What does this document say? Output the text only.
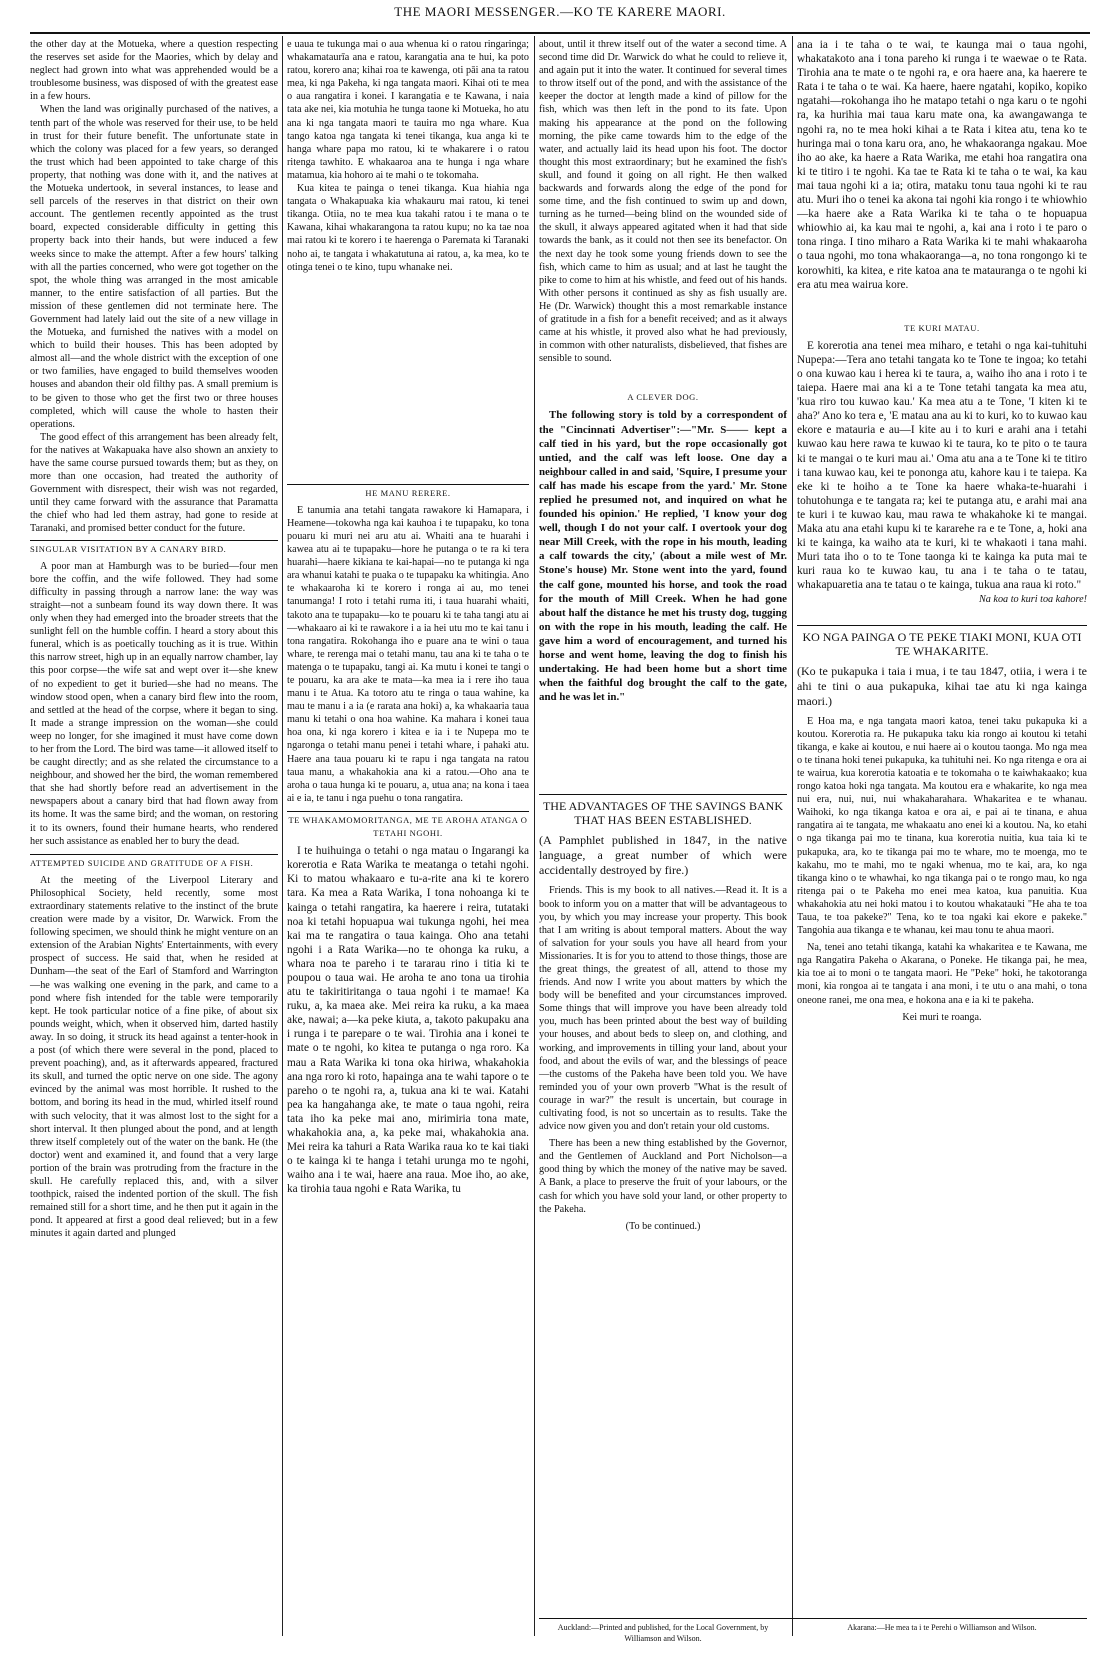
THE MAORI MESSENGER.—KO TE KARERE MAORI.

the other day at the Motueka, where a question respecting the reserves set aside for the Maories, which by delay and neglect had grown into what was apprehended would be a troublesome business, was disposed of with the greatest ease in a few hours.

When the land was originally purchased of the natives, a tenth part of the whole was reserved for their use, to be held in trust for their future benefit. The unfortunate state in which the colony was placed for a few years, so deranged the trust which had been appointed to take charge of this property, that nothing was done with it, and the natives at the Motueka undertook, in several instances, to lease and sell parcels of the reserves in that district on their own account. The gentlemen recently appointed as the trust board, expected considerable difficulty in getting this property back into their hands, but were induced a few weeks since to make the attempt. After a few hours' talking with all the parties concerned, who were got together on the spot, the whole thing was arranged in the most amicable manner, to the entire satisfaction of all parties. But the mission of these gentlemen did not terminate here. The Government had lately laid out the site of a new village in the Motueka, and furnished the natives with a model on which to build their houses. This has been adopted by almost all—and the whole district with the exception of one or two families, have engaged to build themselves wooden houses and abandon their old filthy pas. A small premium is to be given to those who get the first two or three houses completed, which will cause the whole to hasten their operations.

The good effect of this arrangement has been already felt, for the natives at Wakapuaka have also shown an anxiety to have the same course pursued towards them; but as they, on more than one occasion, had treated the authority of Government with disrespect, their wish was not regarded, until they came forward with the assurance that Paramatta the chief who had led them astray, had gone to reside at Taranaki, and promised better conduct for the future.

SINGULAR VISITATION BY A CANARY BIRD.

A poor man at Hamburgh was to be buried—four men bore the coffin, and the wife followed. They had some difficulty in passing through a narrow lane: the way was straight—not a sunbeam found its way down there. It was only when they had emerged into the broader streets that the sunlight fell on the humble coffin. I heard a story about this funeral, which is as poetically touching as it is true. Within this narrow street, high up in an equally narrow chamber, lay this poor corpse—the wife sat and wept over it—she knew of no expedient to get it buried—she had no means. The window stood open, when a canary bird flew into the room, and settled at the head of the corpse, where it began to sing. It made a strange impression on the woman—she could weep no longer, for she imagined it must have come down to her from the Lord. The bird was tame—it allowed itself to be caught directly; and as she related the circumstance to a neighbour, and showed her the bird, the woman remembered that she had shortly before read an advertisement in the newspapers about a canary bird that had flown away from its home. It was the same bird; and the woman, on restoring it to its owners, found their humane hearts, who rendered her such assistance as enabled her to bury the dead.

ATTEMPTED SUICIDE AND GRATITUDE OF A FISH.

At the meeting of the Liverpool Literary and Philosophical Society, held recently, some most extraordinary statements relative to the instinct of the brute creation were made by a visitor, Dr. Warwick. From the following specimen, we should think he might venture on an extension of the Arabian Nights' Entertainments, with every prospect of success. He said that, when he resided at Dunham—the seat of the Earl of Stamford and Warrington—he was walking one evening in the park, and came to a pond where fish intended for the table were temporarily kept. He took particular notice of a fine pike, of about six pounds weight, which, when it observed him, darted hastily away. In so doing, it struck its head against a tenter-hook in a post (of which there were several in the pond, placed to prevent poaching), and, as it afterwards appeared, fractured its skull, and turned the optic nerve on one side. The agony evinced by the animal was most horrible. It rushed to the bottom, and boring its head in the mud, whirled itself round with such velocity, that it was almost lost to the sight for a short interval. It then plunged about the pond, and at length threw itself completely out of the water on the bank. He (the doctor) went and examined it, and found that a very large portion of the brain was protruding from the fracture in the skull. He carefully replaced this, and, with a silver toothpick, raised the indented portion of the skull. The fish remained still for a short time, and he then put it again in the pond. It appeared at first a good deal relieved; but in a few minutes it again darted and plunged

e uaua te tukunga mai o aua whenua ki o ratou ringaringa; whakamataurīa ana e ratou, karangatia ana te hui, ka poto ratou, korero ana; kihai roa te kawenga, oti pāi ana ta ratou mea, ki nga Pakeha, ki nga tangata maori. Kihai oti te mea o aua rangatira i konei. I karangatia e te Kawana, i naia tata ake nei, kia motuhia he tunga taone ki Motueka, ho atu ana ki nga tangata maori te tauira mo nga whare. Kua tango katoa nga tangata ki tenei tikanga, kua anga ki te hanga whare papa mo ratou, ki te whakarere i o ratou ritenga tawhito. E whakaaroa ana te hunga i nga whare matamua, kia hohoro ai te mahi o te tokomaha.

Kua kitea te painga o tenei tikanga. Kua hiahia nga tangata o Whakapuaka kia whakauru mai ratou, ki tenei tikanga. Otiia, no te mea kua takahi ratou i te mana o te Kawana, kihai whakarangona ta ratou kupu; no ka tae noa mai ratou ki te korero i te haerenga o Paremata ki Taranaki noho ai, te tangata i whakatutuna ai ratou, a, ka mea, ko te otinga tenei o te kino, tupu whanake nei.

HE MANU RERERE.

E tanumia ana tetahi tangata rawakore ki Hamapara, i Heamene—tokowha nga kai kauhoa i te tupapaku, ko tona pouaru ki muri nei aru atu ai. Whaiti ana te huarahi i kawea atu ai te tupapaku—hore he putanga o te ra ki tera huarahi—haere kikiana te kai-hapai—no te putanga ki nga ara whanui katahi te puaka o te tupapaku ka whitingia. Ano te whakaaroha ki te korero i ronga ai au, mo tenei tanumanga! I roto i tetahi ruma iti, i taua huarahi whaiti, takoto ana te tupapaku—ko te pouaru ki te taha tangi atu ai—whakaaro ai ki te rawakore i a ia hei utu mo te kai tanu i tona rangatira. Rokohanga iho e puare ana te wini o taua whare, te rerenga mai o tetahi manu, tau ana ki te taha o te matenga o te tupapaku, tangi ai. Ka mutu i konei te tangi o te pouaru, ka ara ake te mata—ka mea ia i rere iho taua manu i te Atua. Ka totoro atu te ringa o taua wahine, ka mau te manu i a ia (e rarata ana hoki) a, ka whakaaria taua manu ki tetahi o ona hoa wahine. Ka mahara i konei taua hoa ona, ki nga korero i kitea e ia i te Nupepa mo te ngaronga o tetahi manu penei i tetahi whare, i pahaki atu. Haere ana taua pouaru ki te rapu i nga tangata na ratou taua manu, a whakahokia ana ki a ratou.—Oho ana te aroha o taua hunga ki te pouaru, a, utua ana; na kona i taea ai e ia, te tanu i nga puehu o tona rangatira.

TE WHAKAMOMORITANGA, ME TE AROHA ATANGA O TETAHI NGOHI.

I te huihuinga o tetahi o nga matau o Ingarangi ka korerotia e Rata Warika te meatanga o tetahi ngohi. Ki to matou whakaaro e tu-a-rite ana ki te korero tara. Ka mea a Rata Warika, I tona nohoanga ki te kainga o tetahi rangatira, ka haerere i reira, tutataki noa ki tetahi hopuapua wai tukunga ngohi, hei mea kai ma te rangatira o taua kainga. Oho ana tetahi ngohi i a Rata Warika—no te ohonga ka ruku, a whara noa te pareho i te tararau rino i titia ki te poupou o taua wai. He aroha te ano tona ua tirohia atu te takiritiritanga o taua ngohi i te mamae! Ka ruku, a, ka maea ake. Mei reira ka ruku, a ka maea ake, nawai; a—ka peke kiuta, a, takoto pakupaku ana i runga i te parepare o te wai. Tirohia ana i konei te mate o te ngohi, ko kitea te putanga o nga roro. Ka mau a Rata Warika ki tona oka hiriwa, whakahokia ana nga roro ki roto, hapainga ana te wahi tapore o te pareho o te ngohi ra, a, tukua ana ki te wai. Katahi pea ka hangahanga ake, te mate o taua ngohi, reira tata iho ka peke mai ano, mirimiria tona mate, whakahokia ana, a, ka peke mai, whakahokia ana. Mei reira ka tahuri a Rata Warika raua ko te kai tiaki o te kainga ki te hanga i tetahi urunga mo te ngohi, waiho ana i te wai, haere ana raua. Moe iho, ao ake, ka tirohia taua ngohi e Rata Warika, tu

about, until it threw itself out of the water a second time. A second time did Dr. Warwick do what he could to relieve it, and again put it into the water. It continued for several times to throw itself out of the pond, and with the assistance of the keeper the doctor at length made a kind of pillow for the fish, which was then left in the pond to its fate. Upon making his appearance at the pond on the following morning, the pike came towards him to the edge of the water, and actually laid its head upon his foot. The doctor thought this most extraordinary; but he examined the fish's skull, and found it going on all right. He then walked backwards and forwards along the edge of the pond for some time, and the fish continued to swim up and down, turning as he turned—being blind on the wounded side of the skull, it always appeared agitated when it had that side towards the bank, as it could not then see its benefactor. On the next day he took some young friends down to see the fish, which came to him as usual; and at last he taught the pike to come to him at his whistle, and feed out of his hands. With other persons it continued as shy as fish usually are. He (Dr. Warwick) thought this a most remarkable instance of gratitude in a fish for a benefit received; and as it always came at his whistle, it proved also what he had previously, in common with other naturalists, disbelieved, that fishes are sensible to sound.

A CLEVER DOG.

The following story is told by a correspondent of the "Cincinnati Advertiser":—"Mr. S—— kept a calf tied in his yard, but the rope occasionally got untied, and the calf was left loose. One day a neighbour called in and said, 'Squire, I presume your calf has made his escape from the yard.' Mr. Stone replied he presumed not, and inquired on what he founded his opinion.' He replied, 'I know your dog well, though I do not your calf. I overtook your dog near Mill Creek, with the rope in his mouth, leading a calf towards the city,' (about a mile west of Mr. Stone's house) Mr. Stone went into the yard, found the calf gone, mounted his horse, and took the road for the mouth of Mill Creek. When he had gone about half the distance he met his trusty dog, tugging on with the rope in his mouth, leading the calf. He gave him a word of encouragement, and turned his horse and went home, leaving the dog to finish his undertaking. He had been home but a short time when the faithful dog brought the calf to the gate, and he was let in."

THE ADVANTAGES OF THE SAVINGS BANK THAT HAS BEEN ESTABLISHED.
(A Pamphlet published in 1847, in the native language, a great number of which were accidentally destroyed by fire.)

Friends. This is my book to all natives.—Read it. It is a book to inform you on a matter that will be advantageous to you, by which you may increase your property. This book that I am writing is about temporal matters. About the way of salvation for your souls you have all heard from your Missionaries. It is for you to attend to those things, those are the great things, the greatest of all, attend to those my friends. And now I write you about matters by which the body will be benefited and your circumstances improved. Some things that will improve you have been already told you, much has been printed about the best way of building your houses, and about beds to sleep on, and clothing, and working, and improvements in tilling your land, about your food, and about the evils of war, and the blessings of peace—the customs of the Pakeha have been told you. We have reminded you of your own proverb "What is the result of courage in war?" the result is uncertain, but courage in cultivating food, is not so uncertain as to results. Take the advice now given you and don't retain your old customs.

There has been a new thing established by the Governor, and the Gentlemen of Auckland and Port Nicholson—a good thing by which the money of the native may be saved. A Bank, a place to preserve the fruit of your labours, or the cash for which you have sold your land, or other property to the Pakeha.

(To be continued.)

ana ia i te taha o te wai, te kaunga mai o taua ngohi, whakatakoto ana i tona pareho ki runga i te waewae o te Rata. Tirohia ana te mate o te ngohi ra, e ora haere ana, ka haerere te Rata i te taha o te wai. Ka haere, haere ngatahi, kopiko, kopiko ngatahi—rokohanga iho he matapo tetahi o nga karu o te ngohi ra, ka hurihia mai taua karu mate ona, ka awangawanga te ngohi ra, no te mea hoki kihai a te Rata i kitea atu, tena ko te huringa mai o tona karu ora, ano, he whakaoranga ngakau. Moe iho ao ake, ka haere a Rata Warika, me etahi hoa rangatira ona ki te titiro i te ngohi. Ka tae te Rata ki te taha o te wai, ka kau mai taua ngohi ki a ia; otira, mataku tonu taua ngohi ki te rau atu. Muri iho o tenei ka akona tai ngohi kia rongo i te whiowhio—ka haere ake a Rata Warika ki te taha o te hopuapua whiowhio ai, ka kau mai te ngohi, a, kai ana i roto i te paro o tona ringa. I tino miharo a Rata Warika ki te mahi whakaaroha o taua ngohi, mo tona whakaoranga—a, no tona rongongo ki te korowhiti, ka kitea, e rite katoa ana te matauranga o te ngohi ki era atu mea wairua kore.

TE KURI MATAU.

E korerotia ana tenei mea miharo, e tetahi o nga kai-tuhituhi Nupepa:—Tera ano tetahi tangata ko te Tone te ingoa; ko tetahi o ona kuwao kau i herea ki te taura, a, waiho iho ana i roto i te taiepa. Haere mai ana ki a te Tone tetahi tangata ka mea atu, 'kua riro tou kuwao kau.' Ka mea atu a te Tone, 'I kiten ki te aha?' Ano ko tera e, 'E matau ana au ki to kuri, ko to kuwao kau ekore e matauria e au—I kite au i to kuri e arahi ana i tetahi kuwao kau here rawa te kuwao ki te taura, ko te pito o te taura ki te mangai o te kuri mau ai.' Oma atu ana a te Tone ki te titiro i tana kuwao kau, kei te pononga atu, kahore kau i te taiepa. Ka eke ki te hoiho a te Tone ka haere whaka-te-huarahi i tohutohunga e te tangata ra; kei te putanga atu, e arahi mai ana te kuri i te kuwao kau, mau rawa te whakahoke ki te mangai. Maka atu ana etahi kupu ki te kararehe ra e te Tone, a, hoki ana ki te kainga, ka waiho ata te kuri, ki te whakaoti i tana mahi. Muri tata iho o to te Tone taonga ki te kainga ka puta mai te kuri raua ko te kuwao kau, tu ana i te taha o te tatau, whakapuaretia ana te tatau o te kainga, tukua ana raua ki roto."

Na koa to kuri toa kahore!
KO NGA PAINGA O TE PEKE TIAKI MONI, KUA OTI TE WHAKARITE.
(Ko te pukapuka i taia i mua, i te tau 1847, otiia, i wera i te ahi te tini o aua pukapuka, kihai tae atu ki nga kainga maori.)

E Hoa ma, e nga tangata maori katoa, tenei taku pukapuka ki a koutou. Korerotia ra. He pukapuka taku kia rongo ai koutou ki tetahi tikanga, e kake ai koutou, e nui haere ai o koutou taonga. Mo nga mea o te tinana hoki tenei pukapuka, ka tuhituhi nei. Ko nga ritenga e ora ai te wairua, kua korerotia katoatia e te tokomaha o te kaiwhakaako; kua rongo katoa hoki nga tangata. Ma koutou era e whakarite, ko nga mea nui era, nui, nui, nui whakaharahara. Whakaritea e te whanau. Waihoki, ko nga tikanga katoa e ora ai, e pai ai te tinana, e ahua rangatira ai te tangata, me whakaatu ano enei ki a koutou. Na, ko etahi o nga tikanga pai mo te tinana, kua korerotia nuitia, kua taia ki te pukapuka, ara, ko te tikanga pai mo te whare, mo te moenga, mo te kakahu, mo te mahi, mo te ngaki whenua, mo te kai, ara, ko nga tikanga kino o te whawhai, ko nga tikanga pai o te rongo mau, ko nga ritenga pai o te Pakeha mo enei mea katoa, kua panuitia. Kua whakahokia atu nei hoki matou i to koutou whakatauki "He aha te toa Taua, te toa pakeke?" Tena, ko te toa ngaki kai ekore e pakeke." Tangohia aua tikanga e te whanau, kei mau tonu te ahua maori.

Na, tenei ano tetahi tikanga, katahi ka whakaritea e te Kawana, me nga Rangatira Pakeha o Akarana, o Poneke. He tikanga pai, he mea, kia toe ai to moni o te tangata maori. He "Peke" hoki, he takotoranga moni, kia rongoa ai te tangata i ana moni, i te utu o ana mahi, o tona oneone ranei, me ona mea, e hokona ana e ia ki te pakeha.

Kei muri te roanga.
Auckland:—Printed and published, for the Local Government, by Williamson and Wilson.
Akarana:—He mea ta i te Perehi o Williamson and Wilson.
